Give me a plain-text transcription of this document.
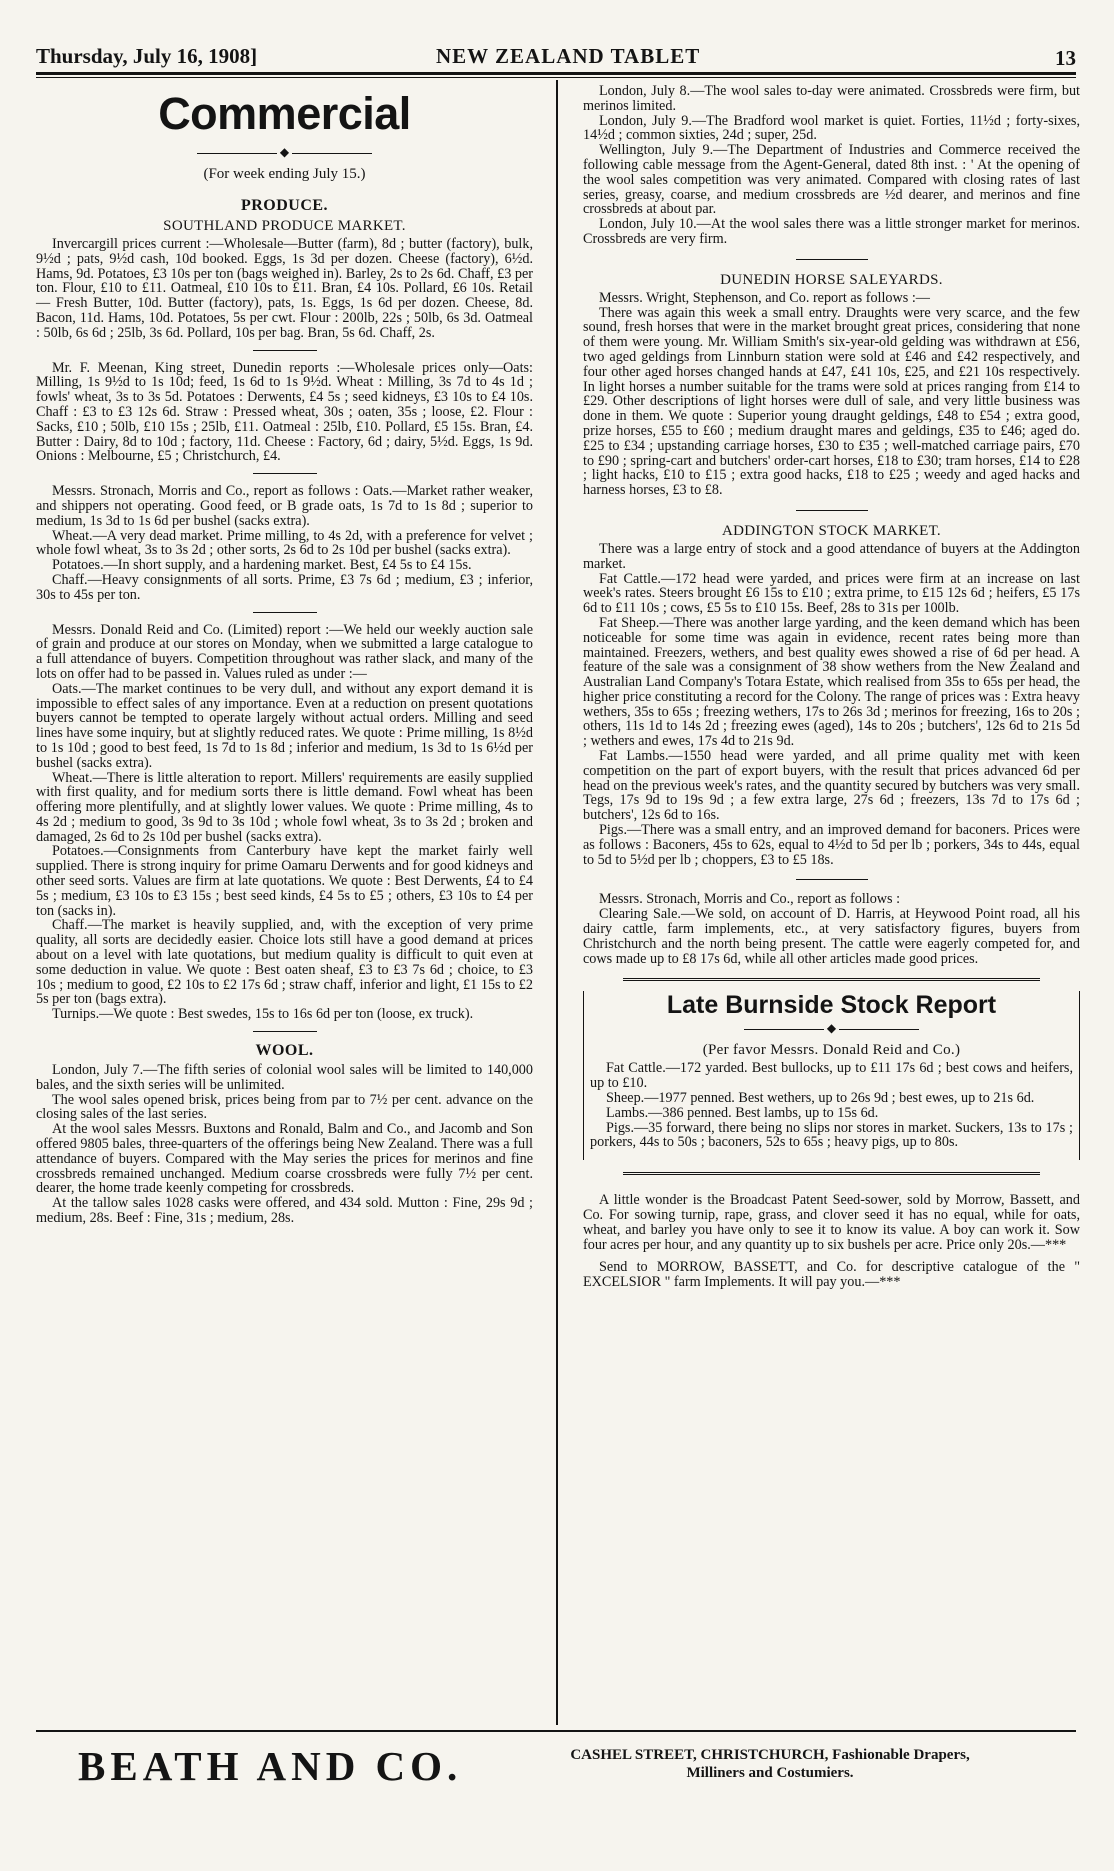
Thursday, July 16, 1908]	NEW ZEALAND TABLET	13
Commercial
◆
(For week ending July 15.)
PRODUCE.
SOUTHLAND PRODUCE MARKET.

Invercargill prices current :—Wholesale—Butter (farm), 8d ; butter (factory), bulk, 9½d ; pats, 9½d cash, 10d booked. Eggs, 1s 3d per dozen. Cheese (factory), 6½d. Hams, 9d. Potatoes, £3 10s per ton (bags weighed in). Barley, 2s to 2s 6d. Chaff, £3 per ton. Flour, £10 to £11. Oatmeal, £10 10s to £11. Bran, £4 10s. Pollard, £6 10s. Retail — Fresh Butter, 10d. Butter (factory), pats, 1s. Eggs, 1s 6d per dozen. Cheese, 8d. Bacon, 11d. Hams, 10d. Potatoes, 5s per cwt. Flour : 200lb, 22s ; 50lb, 6s 3d. Oatmeal : 50lb, 6s 6d ; 25lb, 3s 6d. Pollard, 10s per bag. Bran, 5s 6d. Chaff, 2s.

Mr. F. Meenan, King street, Dunedin reports :—Wholesale prices only—Oats: Milling, 1s 9½d to 1s 10d; feed, 1s 6d to 1s 9½d. Wheat : Milling, 3s 7d to 4s 1d ; fowls' wheat, 3s to 3s 5d. Potatoes : Derwents, £4 5s ; seed kidneys, £3 10s to £4 10s. Chaff : £3 to £3 12s 6d. Straw : Pressed wheat, 30s ; oaten, 35s ; loose, £2. Flour : Sacks, £10 ; 50lb, £10 15s ; 25lb, £11. Oatmeal : 25lb, £10. Pollard, £5 15s. Bran, £4. Butter : Dairy, 8d to 10d ; factory, 11d. Cheese : Factory, 6d ; dairy, 5½d. Eggs, 1s 9d. Onions : Melbourne, £5 ; Christchurch, £4.

Messrs. Stronach, Morris and Co., report as follows : Oats.—Market rather weaker, and shippers not operating. Good feed, or B grade oats, 1s 7d to 1s 8d ; superior to medium, 1s 3d to 1s 6d per bushel (sacks extra).

Wheat.—A very dead market. Prime milling, to 4s 2d, with a preference for velvet ; whole fowl wheat, 3s to 3s 2d ; other sorts, 2s 6d to 2s 10d per bushel (sacks extra).

Potatoes.—In short supply, and a hardening market. Best, £4 5s to £4 15s.

Chaff.—Heavy consignments of all sorts. Prime, £3 7s 6d ; medium, £3 ; inferior, 30s to 45s per ton.

Messrs. Donald Reid and Co. (Limited) report :—We held our weekly auction sale of grain and produce at our stores on Monday, when we submitted a large catalogue to a full attendance of buyers. Competition throughout was rather slack, and many of the lots on offer had to be passed in. Values ruled as under :—

Oats.—The market continues to be very dull, and without any export demand it is impossible to effect sales of any importance. Even at a reduction on present quotations buyers cannot be tempted to operate largely without actual orders. Milling and seed lines have some inquiry, but at slightly reduced rates. We quote : Prime milling, 1s 8½d to 1s 10d ; good to best feed, 1s 7d to 1s 8d ; inferior and medium, 1s 3d to 1s 6½d per bushel (sacks extra).

Wheat.—There is little alteration to report. Millers' requirements are easily supplied with first quality, and for medium sorts there is little demand. Fowl wheat has been offering more plentifully, and at slightly lower values. We quote : Prime milling, 4s to 4s 2d ; medium to good, 3s 9d to 3s 10d ; whole fowl wheat, 3s to 3s 2d ; broken and damaged, 2s 6d to 2s 10d per bushel (sacks extra).

Potatoes.—Consignments from Canterbury have kept the market fairly well supplied. There is strong inquiry for prime Oamaru Derwents and for good kidneys and other seed sorts. Values are firm at late quotations. We quote : Best Derwents, £4 to £4 5s ; medium, £3 10s to £3 15s ; best seed kinds, £4 5s to £5 ; others, £3 10s to £4 per ton (sacks in).

Chaff.—The market is heavily supplied, and, with the exception of very prime quality, all sorts are decidedly easier. Choice lots still have a good demand at prices about on a level with late quotations, but medium quality is difficult to quit even at some deduction in value. We quote : Best oaten sheaf, £3 to £3 7s 6d ; choice, to £3 10s ; medium to good, £2 10s to £2 17s 6d ; straw chaff, inferior and light, £1 15s to £2 5s per ton (bags extra).

Turnips.—We quote : Best swedes, 15s to 16s 6d per ton (loose, ex truck).

WOOL.

London, July 7.—The fifth series of colonial wool sales will be limited to 140,000 bales, and the sixth series will be unlimited.

The wool sales opened brisk, prices being from par to 7½ per cent. advance on the closing sales of the last series.

At the wool sales Messrs. Buxtons and Ronald, Balm and Co., and Jacomb and Son offered 9805 bales, three-quarters of the offerings being New Zealand. There was a full attendance of buyers. Compared with the May series the prices for merinos and fine crossbreds remained unchanged. Medium coarse crossbreds were fully 7½ per cent. dearer, the home trade keenly competing for crossbreds.

At the tallow sales 1028 casks were offered, and 434 sold. Mutton : Fine, 29s 9d ; medium, 28s. Beef : Fine, 31s ; medium, 28s.

London, July 8.—The wool sales to-day were animated. Crossbreds were firm, but merinos limited.

London, July 9.—The Bradford wool market is quiet. Forties, 11½d ; forty-sixes, 14½d ; common sixties, 24d ; super, 25d.

Wellington, July 9.—The Department of Industries and Commerce received the following cable message from the Agent-General, dated 8th inst. : ' At the opening of the wool sales competition was very animated. Compared with closing rates of last series, greasy, coarse, and medium crossbreds are ½d dearer, and merinos and fine crossbreds at about par.

London, July 10.—At the wool sales there was a little stronger market for merinos. Crossbreds are very firm.

DUNEDIN HORSE SALEYARDS.

Messrs. Wright, Stephenson, and Co. report as follows :—

There was again this week a small entry. Draughts were very scarce, and the few sound, fresh horses that were in the market brought great prices, considering that none of them were young. Mr. William Smith's six-year-old gelding was withdrawn at £56, two aged geldings from Linnburn station were sold at £46 and £42 respectively, and four other aged horses changed hands at £47, £41 10s, £25, and £21 10s respectively. In light horses a number suitable for the trams were sold at prices ranging from £14 to £29. Other descriptions of light horses were dull of sale, and very little business was done in them. We quote : Superior young draught geldings, £48 to £54 ; extra good, prize horses, £55 to £60 ; medium draught mares and geldings, £35 to £46; aged do. £25 to £34 ; upstanding carriage horses, £30 to £35 ; well-matched carriage pairs, £70 to £90 ; spring-cart and butchers' order-cart horses, £18 to £30; tram horses, £14 to £28 ; light hacks, £10 to £15 ; extra good hacks, £18 to £25 ; weedy and aged hacks and harness horses, £3 to £8.

ADDINGTON STOCK MARKET.

There was a large entry of stock and a good attendance of buyers at the Addington market.

Fat Cattle.—172 head were yarded, and prices were firm at an increase on last week's rates. Steers brought £6 15s to £10 ; extra prime, to £15 12s 6d ; heifers, £5 17s 6d to £11 10s ; cows, £5 5s to £10 15s. Beef, 28s to 31s per 100lb.

Fat Sheep.—There was another large yarding, and the keen demand which has been noticeable for some time was again in evidence, recent rates being more than maintained. Freezers, wethers, and best quality ewes showed a rise of 6d per head. A feature of the sale was a consignment of 38 show wethers from the New Zealand and Australian Land Company's Totara Estate, which realised from 35s to 65s per head, the higher price constituting a record for the Colony. The range of prices was : Extra heavy wethers, 35s to 65s ; freezing wethers, 17s to 26s 3d ; merinos for freezing, 16s to 20s ; others, 11s 1d to 14s 2d ; freezing ewes (aged), 14s to 20s ; butchers', 12s 6d to 21s 5d ; wethers and ewes, 17s 4d to 21s 9d.

Fat Lambs.—1550 head were yarded, and all prime quality met with keen competition on the part of export buyers, with the result that prices advanced 6d per head on the previous week's rates, and the quantity secured by butchers was very small. Tegs, 17s 9d to 19s 9d ; a few extra large, 27s 6d ; freezers, 13s 7d to 17s 6d ; butchers', 12s 6d to 16s.

Pigs.—There was a small entry, and an improved demand for baconers. Prices were as follows : Baconers, 45s to 62s, equal to 4½d to 5d per lb ; porkers, 34s to 44s, equal to 5d to 5½d per lb ; choppers, £3 to £5 18s.

Messrs. Stronach, Morris and Co., report as follows :

Clearing Sale.—We sold, on account of D. Harris, at Heywood Point road, all his dairy cattle, farm implements, etc., at very satisfactory figures, buyers from Christchurch and the north being present. The cattle were eagerly competed for, and cows made up to £8 17s 6d, while all other articles made good prices.

Late Burnside Stock Report
◆
(Per favor Messrs. Donald Reid and Co.)

Fat Cattle.—172 yarded. Best bullocks, up to £11 17s 6d ; best cows and heifers, up to £10.

Sheep.—1977 penned. Best wethers, up to 26s 9d ; best ewes, up to 21s 6d.

Lambs.—386 penned. Best lambs, up to 15s 6d.

Pigs.—35 forward, there being no slips nor stores in market. Suckers, 13s to 17s ; porkers, 44s to 50s ; baconers, 52s to 65s ; heavy pigs, up to 80s.

A little wonder is the Broadcast Patent Seed-sower, sold by Morrow, Bassett, and Co. For sowing turnip, rape, grass, and clover seed it has no equal, while for oats, wheat, and barley you have only to see it to know its value. A boy can work it. Sow four acres per hour, and any quantity up to six bushels per acre. Price only 20s.—***

Send to MORROW, BASSETT, and Co. for descriptive catalogue of the " EXCELSIOR " farm Implements. It will pay you.—***

BEATH AND CO.	CASHEL STREET, CHRISTCHURCH, Fashionable Drapers,
Milliners and Costumiers.
